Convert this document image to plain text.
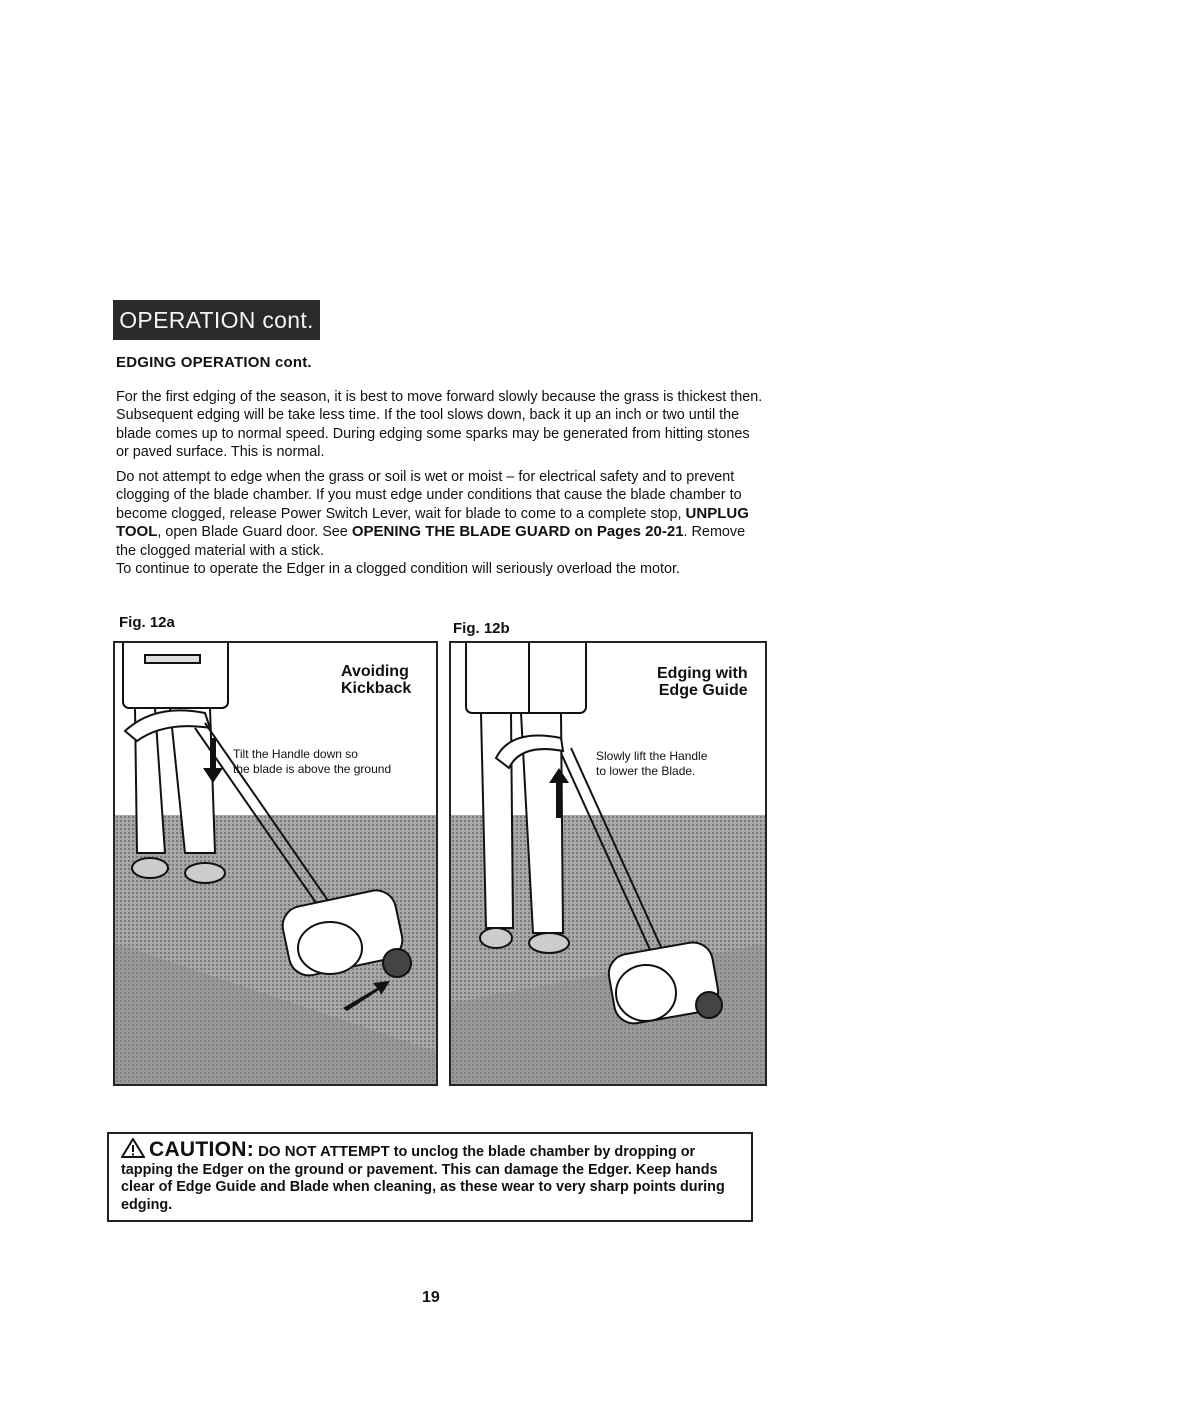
OPERATION cont.
EDGING OPERATION cont.

For the first edging of the season, it is best to move forward slowly because the grass is thickest then. Subsequent edging will be take less time. If the tool slows down, back it up an inch or two until the blade comes up to normal speed. During edging some sparks may be generated from hitting stones or paved surface. This is normal.

Do not attempt to edge when the grass or soil is wet or moist – for electrical safety and to prevent clogging of the blade chamber. If you must edge under conditions that cause the blade chamber to become clogged, release Power Switch Lever, wait for blade to come to a complete stop, UNPLUG TOOL, open Blade Guard door. See OPENING THE BLADE GUARD on Pages 20-21. Remove the clogged material with a stick.
To continue to operate the Edger in a clogged condition will seriously overload the motor.

Fig. 12a	Fig. 12b
Avoiding
Kickback
Tilt the Handle down so
the blade is above the ground
Edging with
Edge Guide
Slowly lift the Handle
to lower the Blade.
CAUTION: DO NOT ATTEMPT to unclog the blade chamber by dropping or tapping the Edger on the ground or pavement. This can damage the Edger. Keep hands clear of Edge Guide and Blade when cleaning, as these wear to very sharp points during edging.
19
